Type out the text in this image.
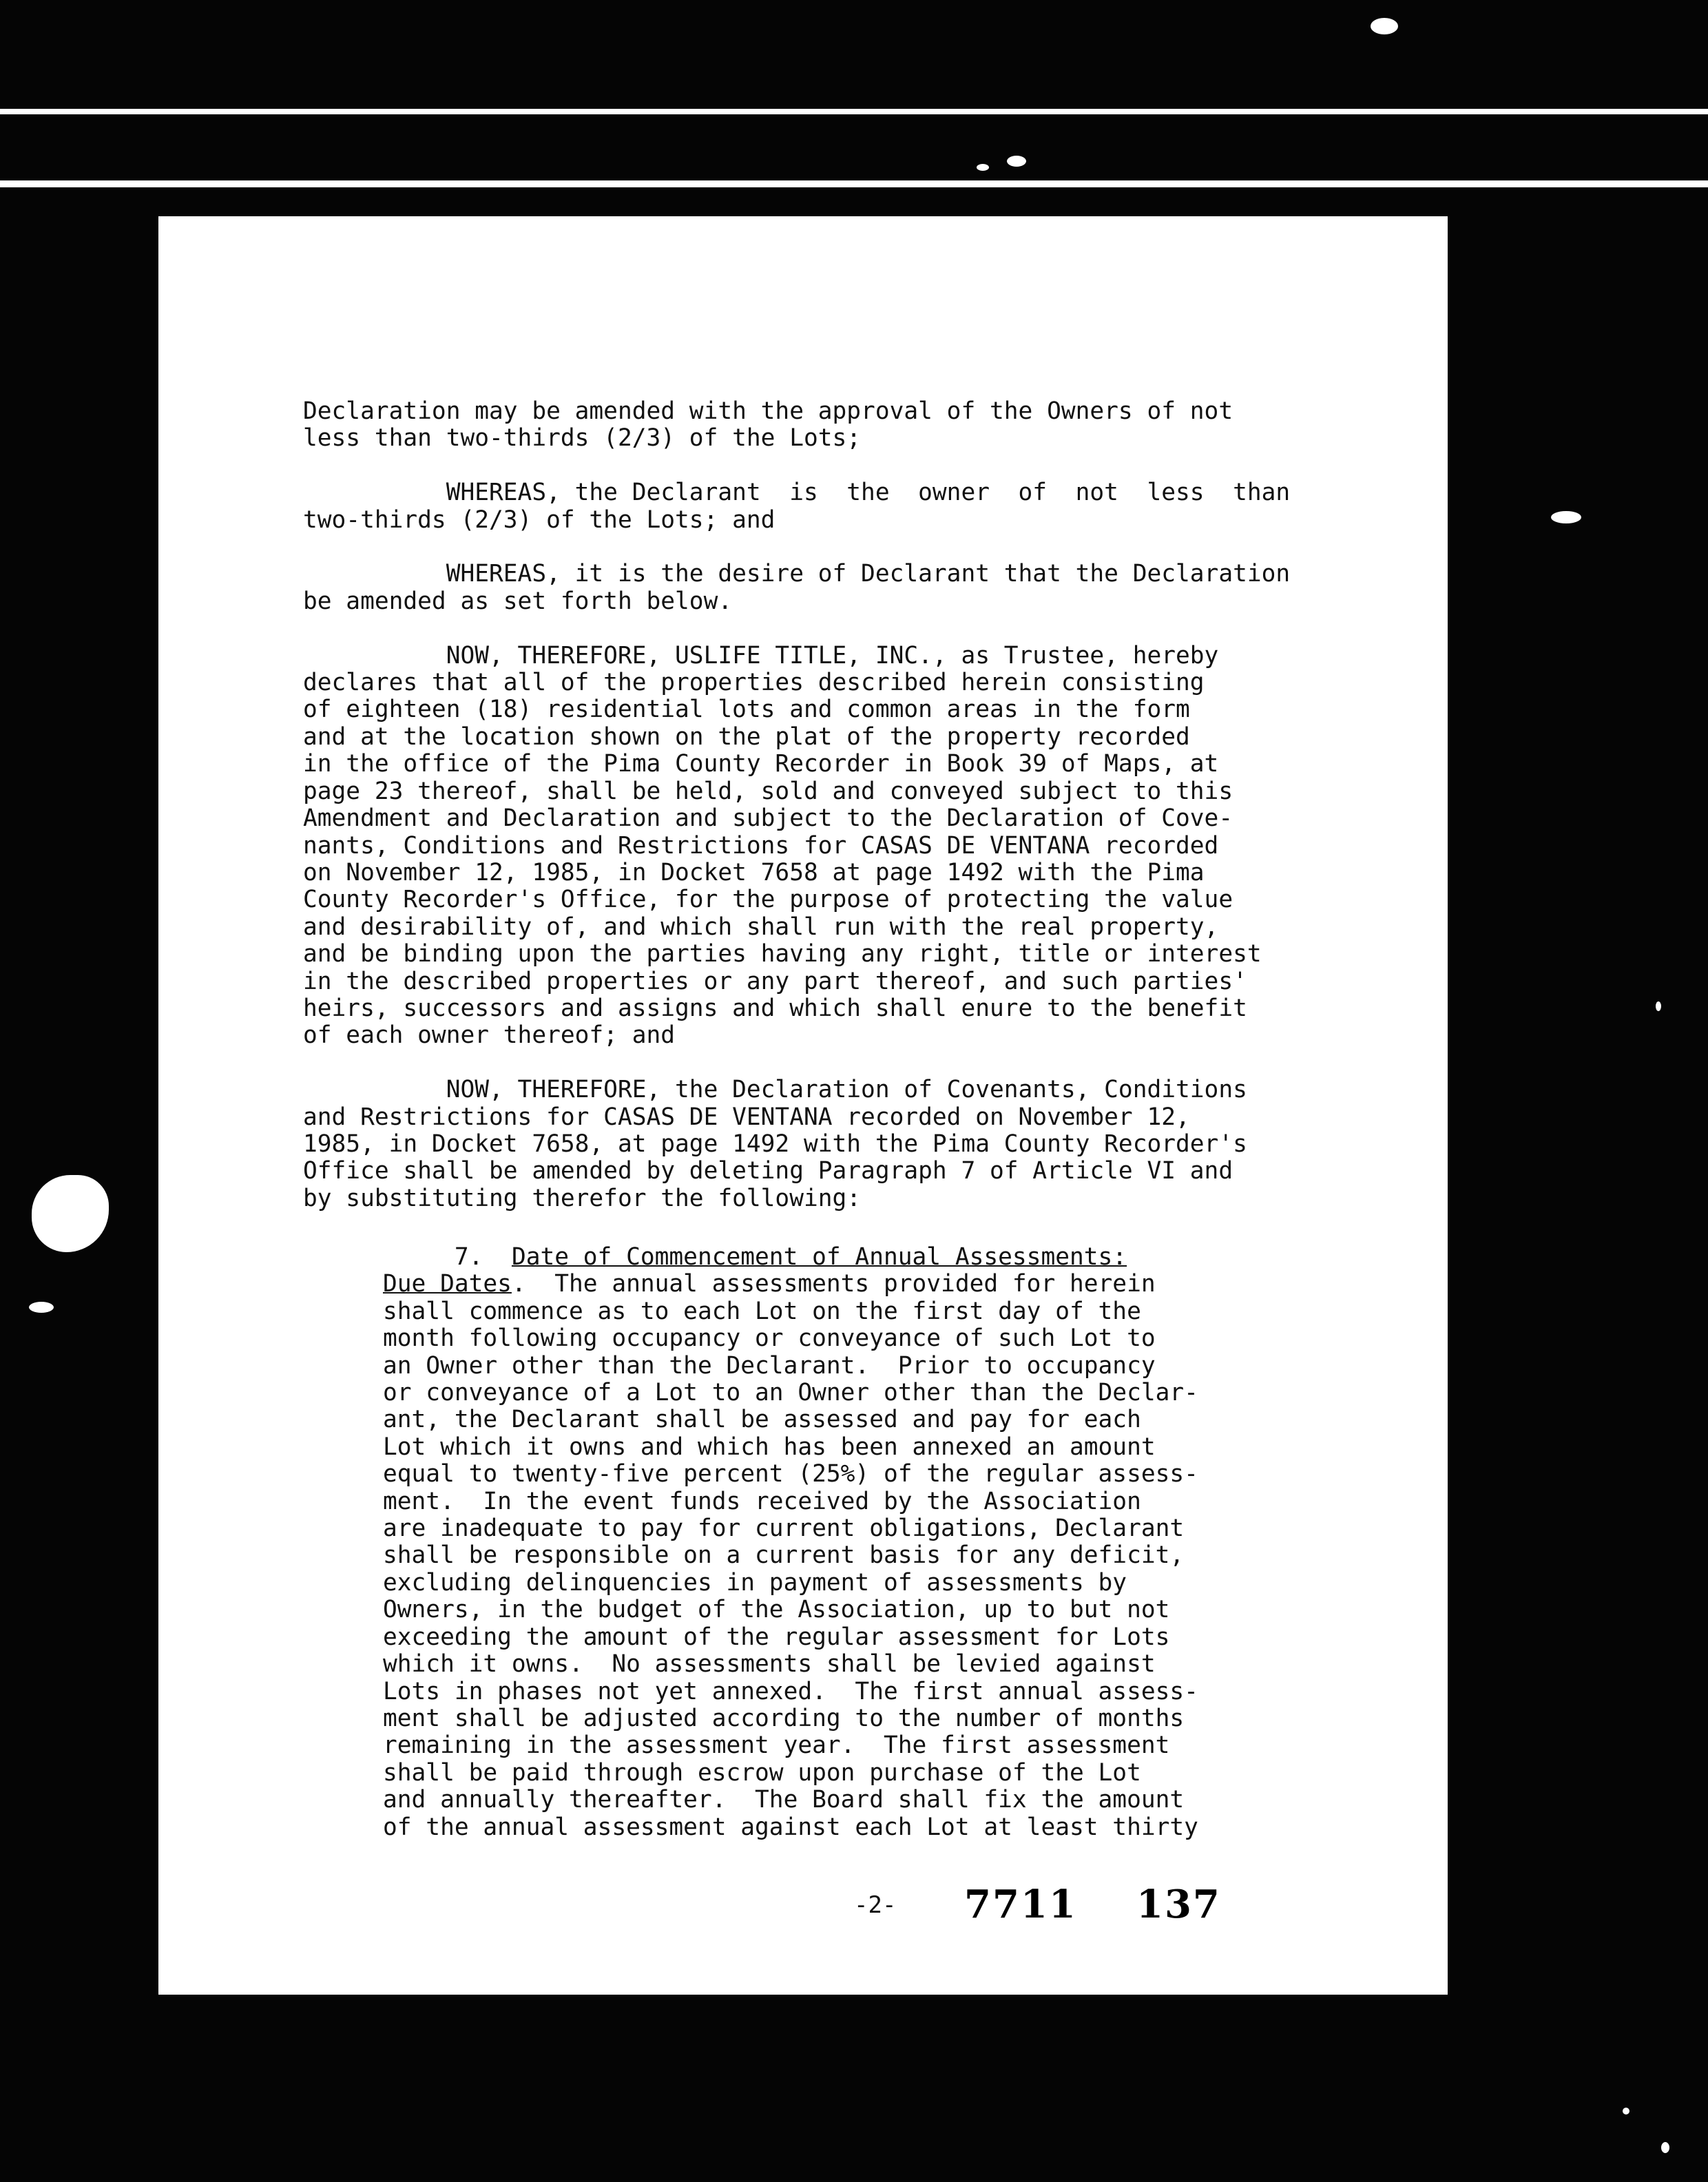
Declaration may be amended with the approval of the Owners of not
less than two-thirds (2/3) of the Lots;

WHEREAS, the Declarant  is  the  owner  of  not  less  than
two-thirds (2/3) of the Lots; and

WHEREAS, it is the desire of Declarant that the Declaration
be amended as set forth below.

NOW, THEREFORE, USLIFE TITLE, INC., as Trustee, hereby
declares that all of the properties described herein consisting
of eighteen (18) residential lots and common areas in the form
and at the location shown on the plat of the property recorded
in the office of the Pima County Recorder in Book 39 of Maps, at
page 23 thereof, shall be held, sold and conveyed subject to this
Amendment and Declaration and subject to the Declaration of Cove-
nants, Conditions and Restrictions for CASAS DE VENTANA recorded
on November 12, 1985, in Docket 7658 at page 1492 with the Pima
County Recorder's Office, for the purpose of protecting the value
and desirability of, and which shall run with the real property,
and be binding upon the parties having any right, title or interest
in the described properties or any part thereof, and such parties'
heirs, successors and assigns and which shall enure to the benefit
of each owner thereof; and

NOW, THEREFORE, the Declaration of Covenants, Conditions
and Restrictions for CASAS DE VENTANA recorded on November 12,
1985, in Docket 7658, at page 1492 with the Pima County Recorder's
Office shall be amended by deleting Paragraph 7 of Article VI and
by substituting therefor the following:
7.  Date of Commencement of Annual Assessments:
Due Dates.  The annual assessments provided for herein
shall commence as to each Lot on the first day of the
month following occupancy or conveyance of such Lot to
an Owner other than the Declarant.  Prior to occupancy
or conveyance of a Lot to an Owner other than the Declar-
ant, the Declarant shall be assessed and pay for each
Lot which it owns and which has been annexed an amount
equal to twenty-five percent (25%) of the regular assess-
ment.  In the event funds received by the Association
are inadequate to pay for current obligations, Declarant
shall be responsible on a current basis for any deficit,
excluding delinquencies in payment of assessments by
Owners, in the budget of the Association, up to but not
exceeding the amount of the regular assessment for Lots
which it owns.  No assessments shall be levied against
Lots in phases not yet annexed.  The first annual assess-
ment shall be adjusted according to the number of months
remaining in the assessment year.  The first assessment
shall be paid through escrow upon purchase of the Lot
and annually thereafter.  The Board shall fix the amount
of the annual assessment against each Lot at least thirty
-2- 7711 137
